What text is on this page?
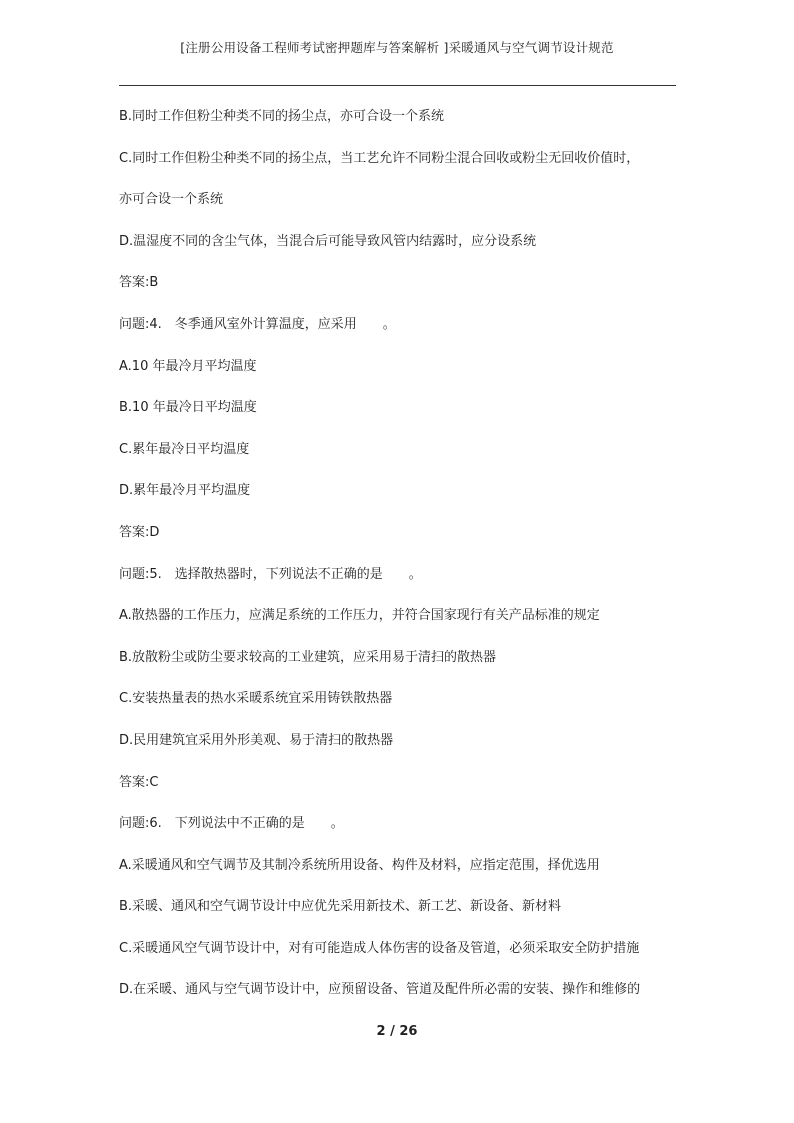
[注册公用设备工程师考试密押题库与答案解析 ]采暖通风与空气调节设计规范
B.同时工作但粉尘种类不同的扬尘点，亦可合设一个系统
C.同时工作但粉尘种类不同的扬尘点，当工艺允许不同粉尘混合回收或粉尘无回收价值时，
亦可合设一个系统
D.温湿度不同的含尘气体，当混合后可能导致风管内结露时，应分设系统
答案:B
问题:4.　冬季通风室外计算温度，应采用　　。
A.10 年最冷月平均温度
B.10 年最冷日平均温度
C.累年最冷日平均温度
D.累年最冷月平均温度
答案:D
问题:5.　选择散热器时，下列说法不正确的是　　。
A.散热器的工作压力，应满足系统的工作压力，并符合国家现行有关产品标准的规定
B.放散粉尘或防尘要求较高的工业建筑，应采用易于清扫的散热器
C.安装热量表的热水采暖系统宜采用铸铁散热器
D.民用建筑宜采用外形美观、易于清扫的散热器
答案:C
问题:6.　下列说法中不正确的是　　。
A.采暖通风和空气调节及其制冷系统所用设备、构件及材料，应指定范围，择优选用
B.采暖、通风和空气调节设计中应优先采用新技术、新工艺、新设备、新材料
C.采暖通风空气调节设计中，对有可能造成人体伤害的设备及管道，必须采取安全防护措施
D.在采暖、通风与空气调节设计中，应预留设备、管道及配件所必需的安装、操作和维修的
2 / 26
